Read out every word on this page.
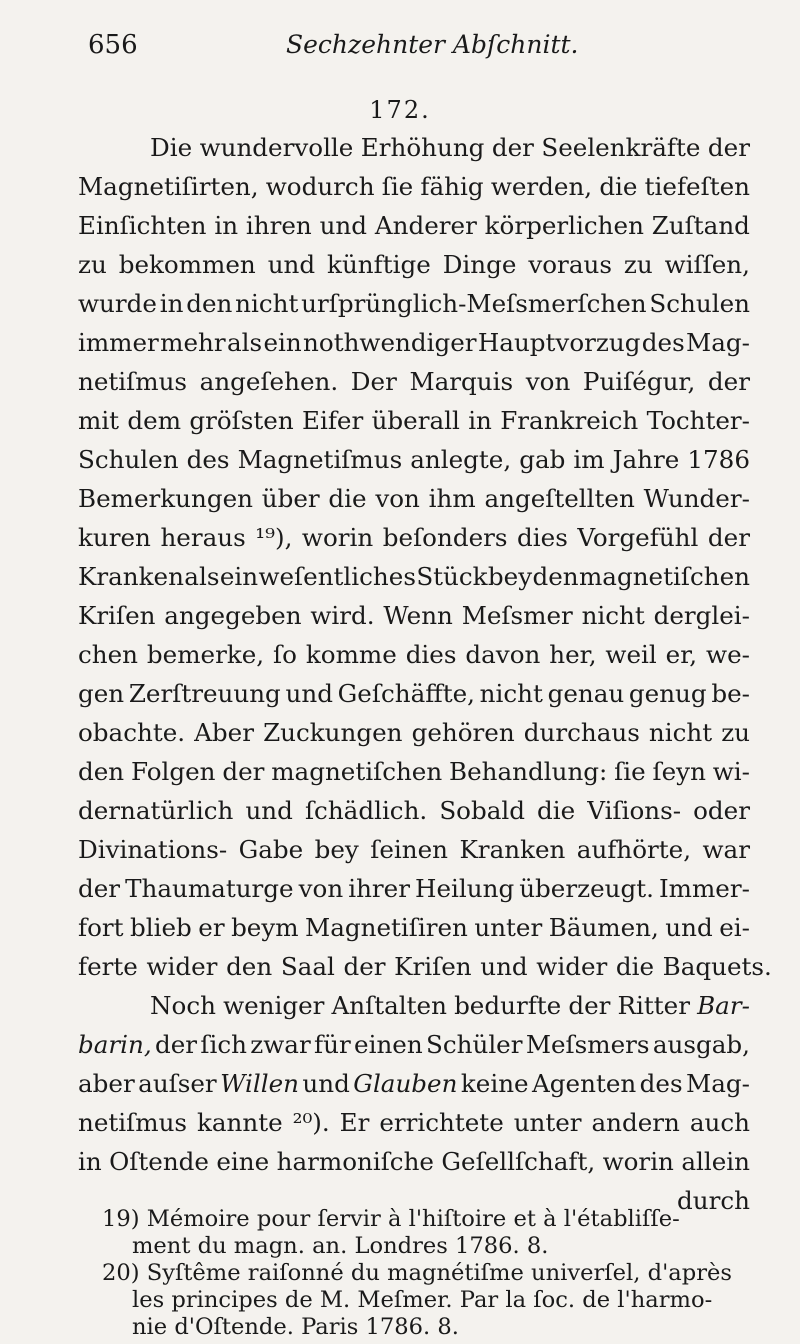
656	Sechzehnter Abſchnitt.
172.
Die wundervolle Erhöhung der Seelenkräfte der
Magnetiſirten, wodurch ſie fähig werden, die tiefeſten
Einſichten in ihren und Anderer körperlichen Zuſtand
zu bekommen und künftige Dinge voraus zu wiſſen,
wurde in den nicht urſprünglich-Meſsmerſchen Schulen
immer mehr als ein nothwendiger Hauptvorzug des Mag-
netiſmus angeſehen. Der Marquis von Puiſégur, der
mit dem gröſsten Eifer überall in Frankreich Tochter-
Schulen des Magnetiſmus anlegte, gab im Jahre 1786
Bemerkungen über die von ihm angeſtellten Wunder-
kuren heraus ¹⁹), worin beſonders dies Vorgefühl der
Kranken als ein weſentliches Stück bey den magnetiſchen
Kriſen angegeben wird. Wenn Meſsmer nicht derglei-
chen bemerke, ſo komme dies davon her, weil er, we-
gen Zerſtreuung und Geſchäffte, nicht genau genug be-
obachte. Aber Zuckungen gehören durchaus nicht zu
den Folgen der magnetiſchen Behandlung: ſie ſeyn wi-
dernatürlich und ſchädlich. Sobald die Viſions- oder
Divinations- Gabe bey ſeinen Kranken aufhörte, war
der Thaumaturge von ihrer Heilung überzeugt. Immer-
fort blieb er beym Magnetiſiren unter Bäumen, und ei-
ferte wider den Saal der Kriſen und wider die Baquets.
Noch weniger Anſtalten bedurfte der Ritter Bar-
barin, der ſich zwar für einen Schüler Meſsmers ausgab,
aber auſser Willen und Glauben keine Agenten des Mag-
netiſmus kannte ²⁰). Er errichtete unter andern auch
in Oſtende eine harmoniſche Geſellſchaft, worin allein
durch
19) Mémoire pour ſervir à l'hiſtoire et à l'établiſſe-
ment du magn. an. Londres 1786. 8.
20) Syſtême raiſonné du magnétiſme univerſel, d'après
les principes de M. Meſmer. Par la ſoc. de l'harmo-
nie d'Oſtende. Paris 1786. 8.
